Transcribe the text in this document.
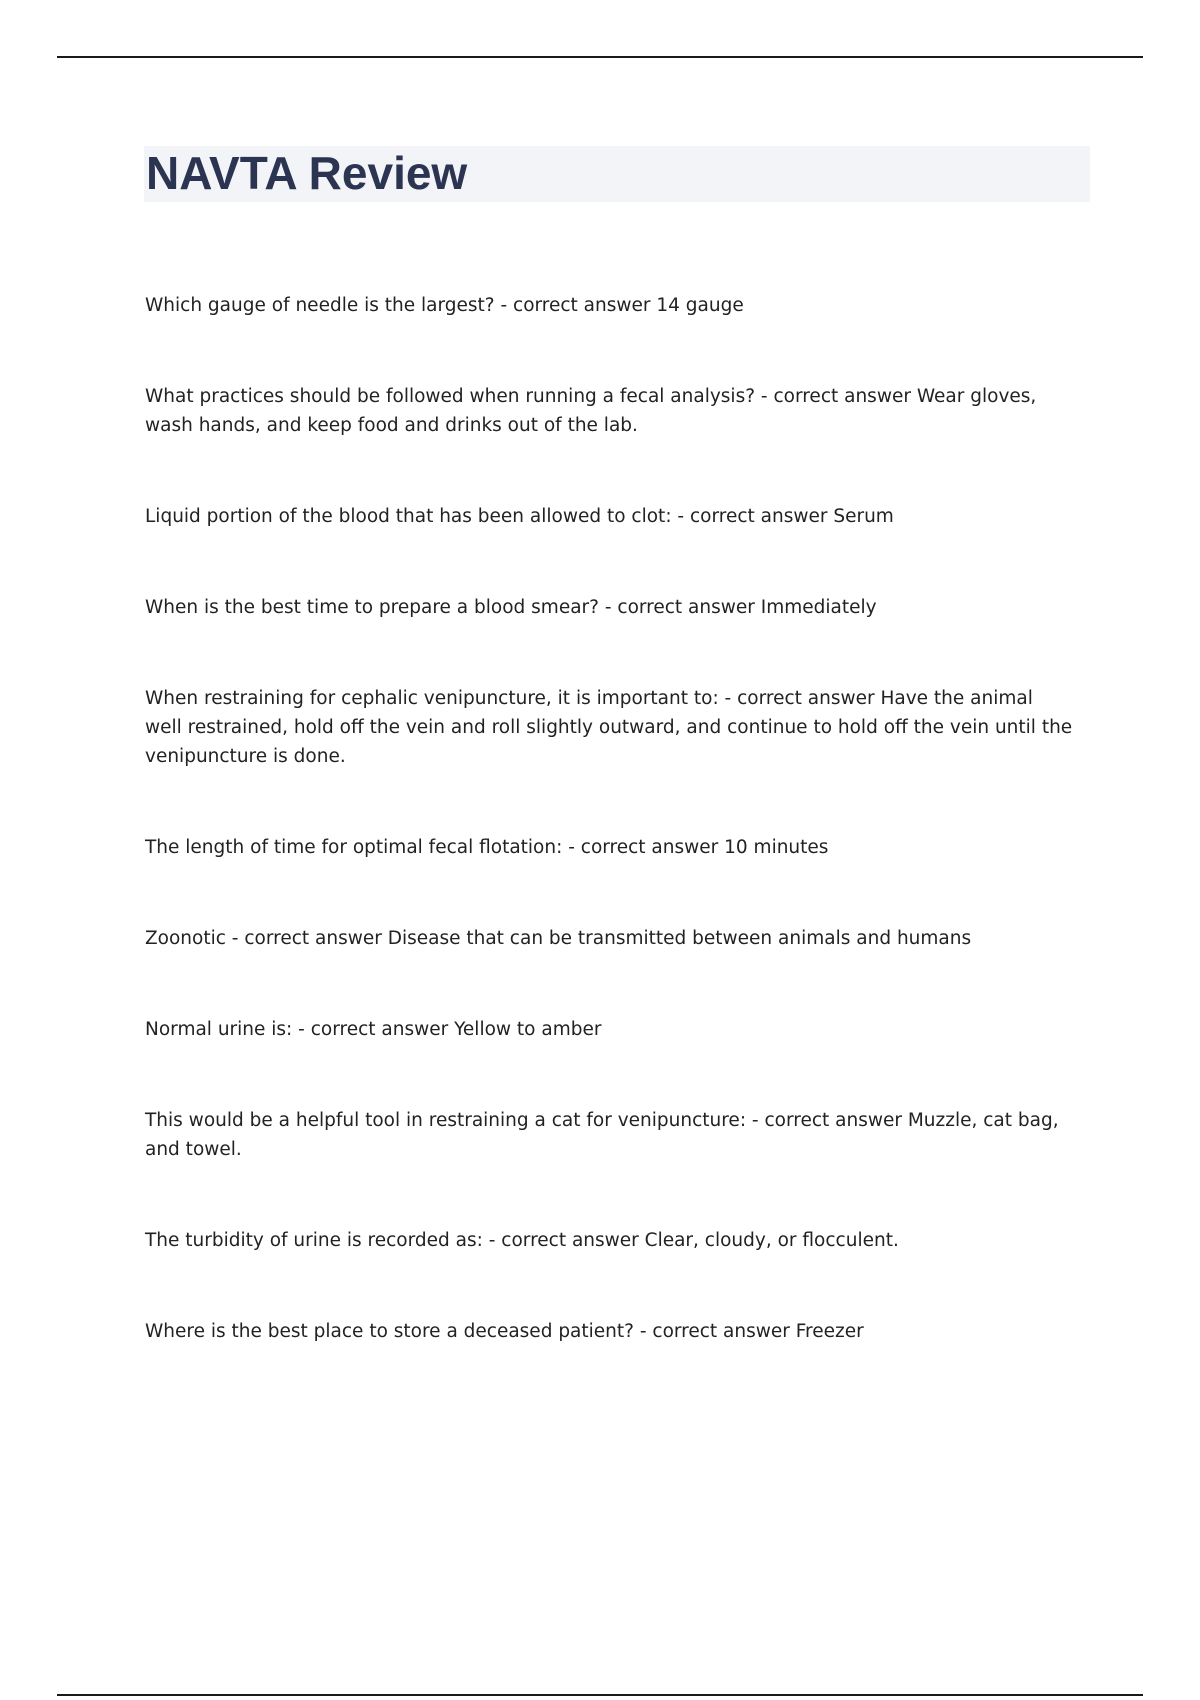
NAVTA Review
Which gauge of needle is the largest? - correct answer 14 gauge
What practices should be followed when running a fecal analysis? - correct answer Wear gloves, wash hands, and keep food and drinks out of the lab.
Liquid portion of the blood that has been allowed to clot: - correct answer Serum
When is the best time to prepare a blood smear? - correct answer Immediately
When restraining for cephalic venipuncture, it is important to: - correct answer Have the animal well restrained, hold off the vein and roll slightly outward, and continue to hold off the vein until the venipuncture is done.
The length of time for optimal fecal flotation: - correct answer 10 minutes
Zoonotic - correct answer Disease that can be transmitted between animals and humans
Normal urine is: - correct answer Yellow to amber
This would be a helpful tool in restraining a cat for venipuncture: - correct answer Muzzle, cat bag, and towel.
The turbidity of urine is recorded as: - correct answer Clear, cloudy, or flocculent.
Where is the best place to store a deceased patient? - correct answer Freezer
